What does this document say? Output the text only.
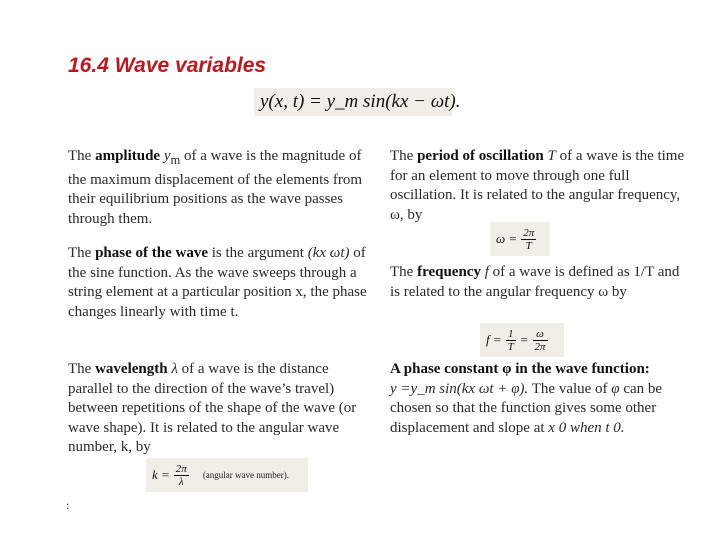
16.4 Wave variables
y(x, t) = y_m sin(kx − ωt).
The amplitude $y_m$ of a wave is the magnitude of the maximum displacement of the elements from their equilibrium positions as the wave passes through them.
The phase of the wave is the argument (kx ωt) of the sine function. As the wave sweeps through a string element at a particular position x, the phase changes linearly with time t.
The wavelength λ of a wave is the distance parallel to the direction of the wave’s travel) between repetitions of the shape of the wave (or wave shape). It is related to the angular wave number, k, by
$k = \frac{2\pi}{\lambda}$ (angular wave number).
:
The period of oscillation T of a wave is the time for an element to move through one full oscillation. It is related to the angular frequency, ω, by
$\omega = \frac{2\pi}{T}$
The frequency f of a wave is defined as 1/T and is related to the angular frequency ω by
$f = \frac{1}{T} = \frac{\omega}{2\pi}$
A phase constant φ in the wave function:
y =y_m sin(kx ωt + φ). The value of φ can be chosen so that the function gives some other displacement and slope at x 0 when t 0.
